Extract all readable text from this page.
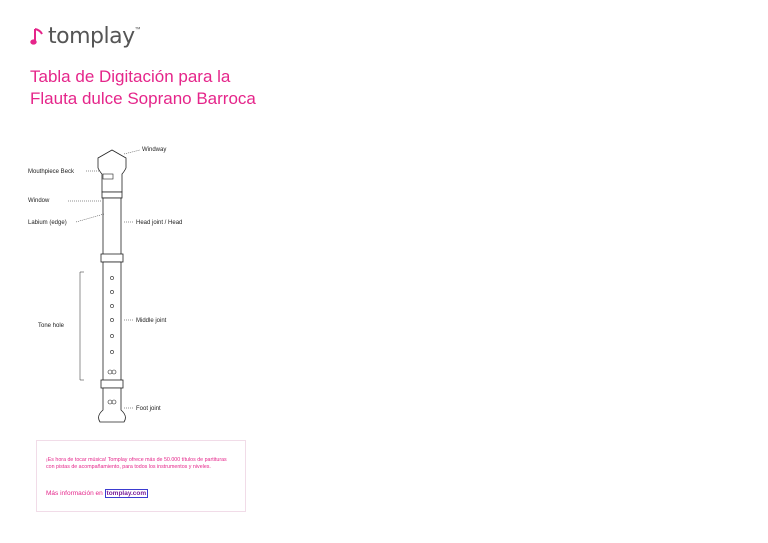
tomplay ™
Tabla de Digitación para la Flauta dulce Soprano Barroca
Windway
Mouthpiece Beck
Window
Labium (edge)	Head joint / Head
Tone hole
Middle joint
Foot joint

¡Es hora de tocar música! Tomplay ofrece más de 50.000 títulos de partituras con pistas de acompañamiento, para todos los instrumentos y niveles.

Más información en tomplay.com
